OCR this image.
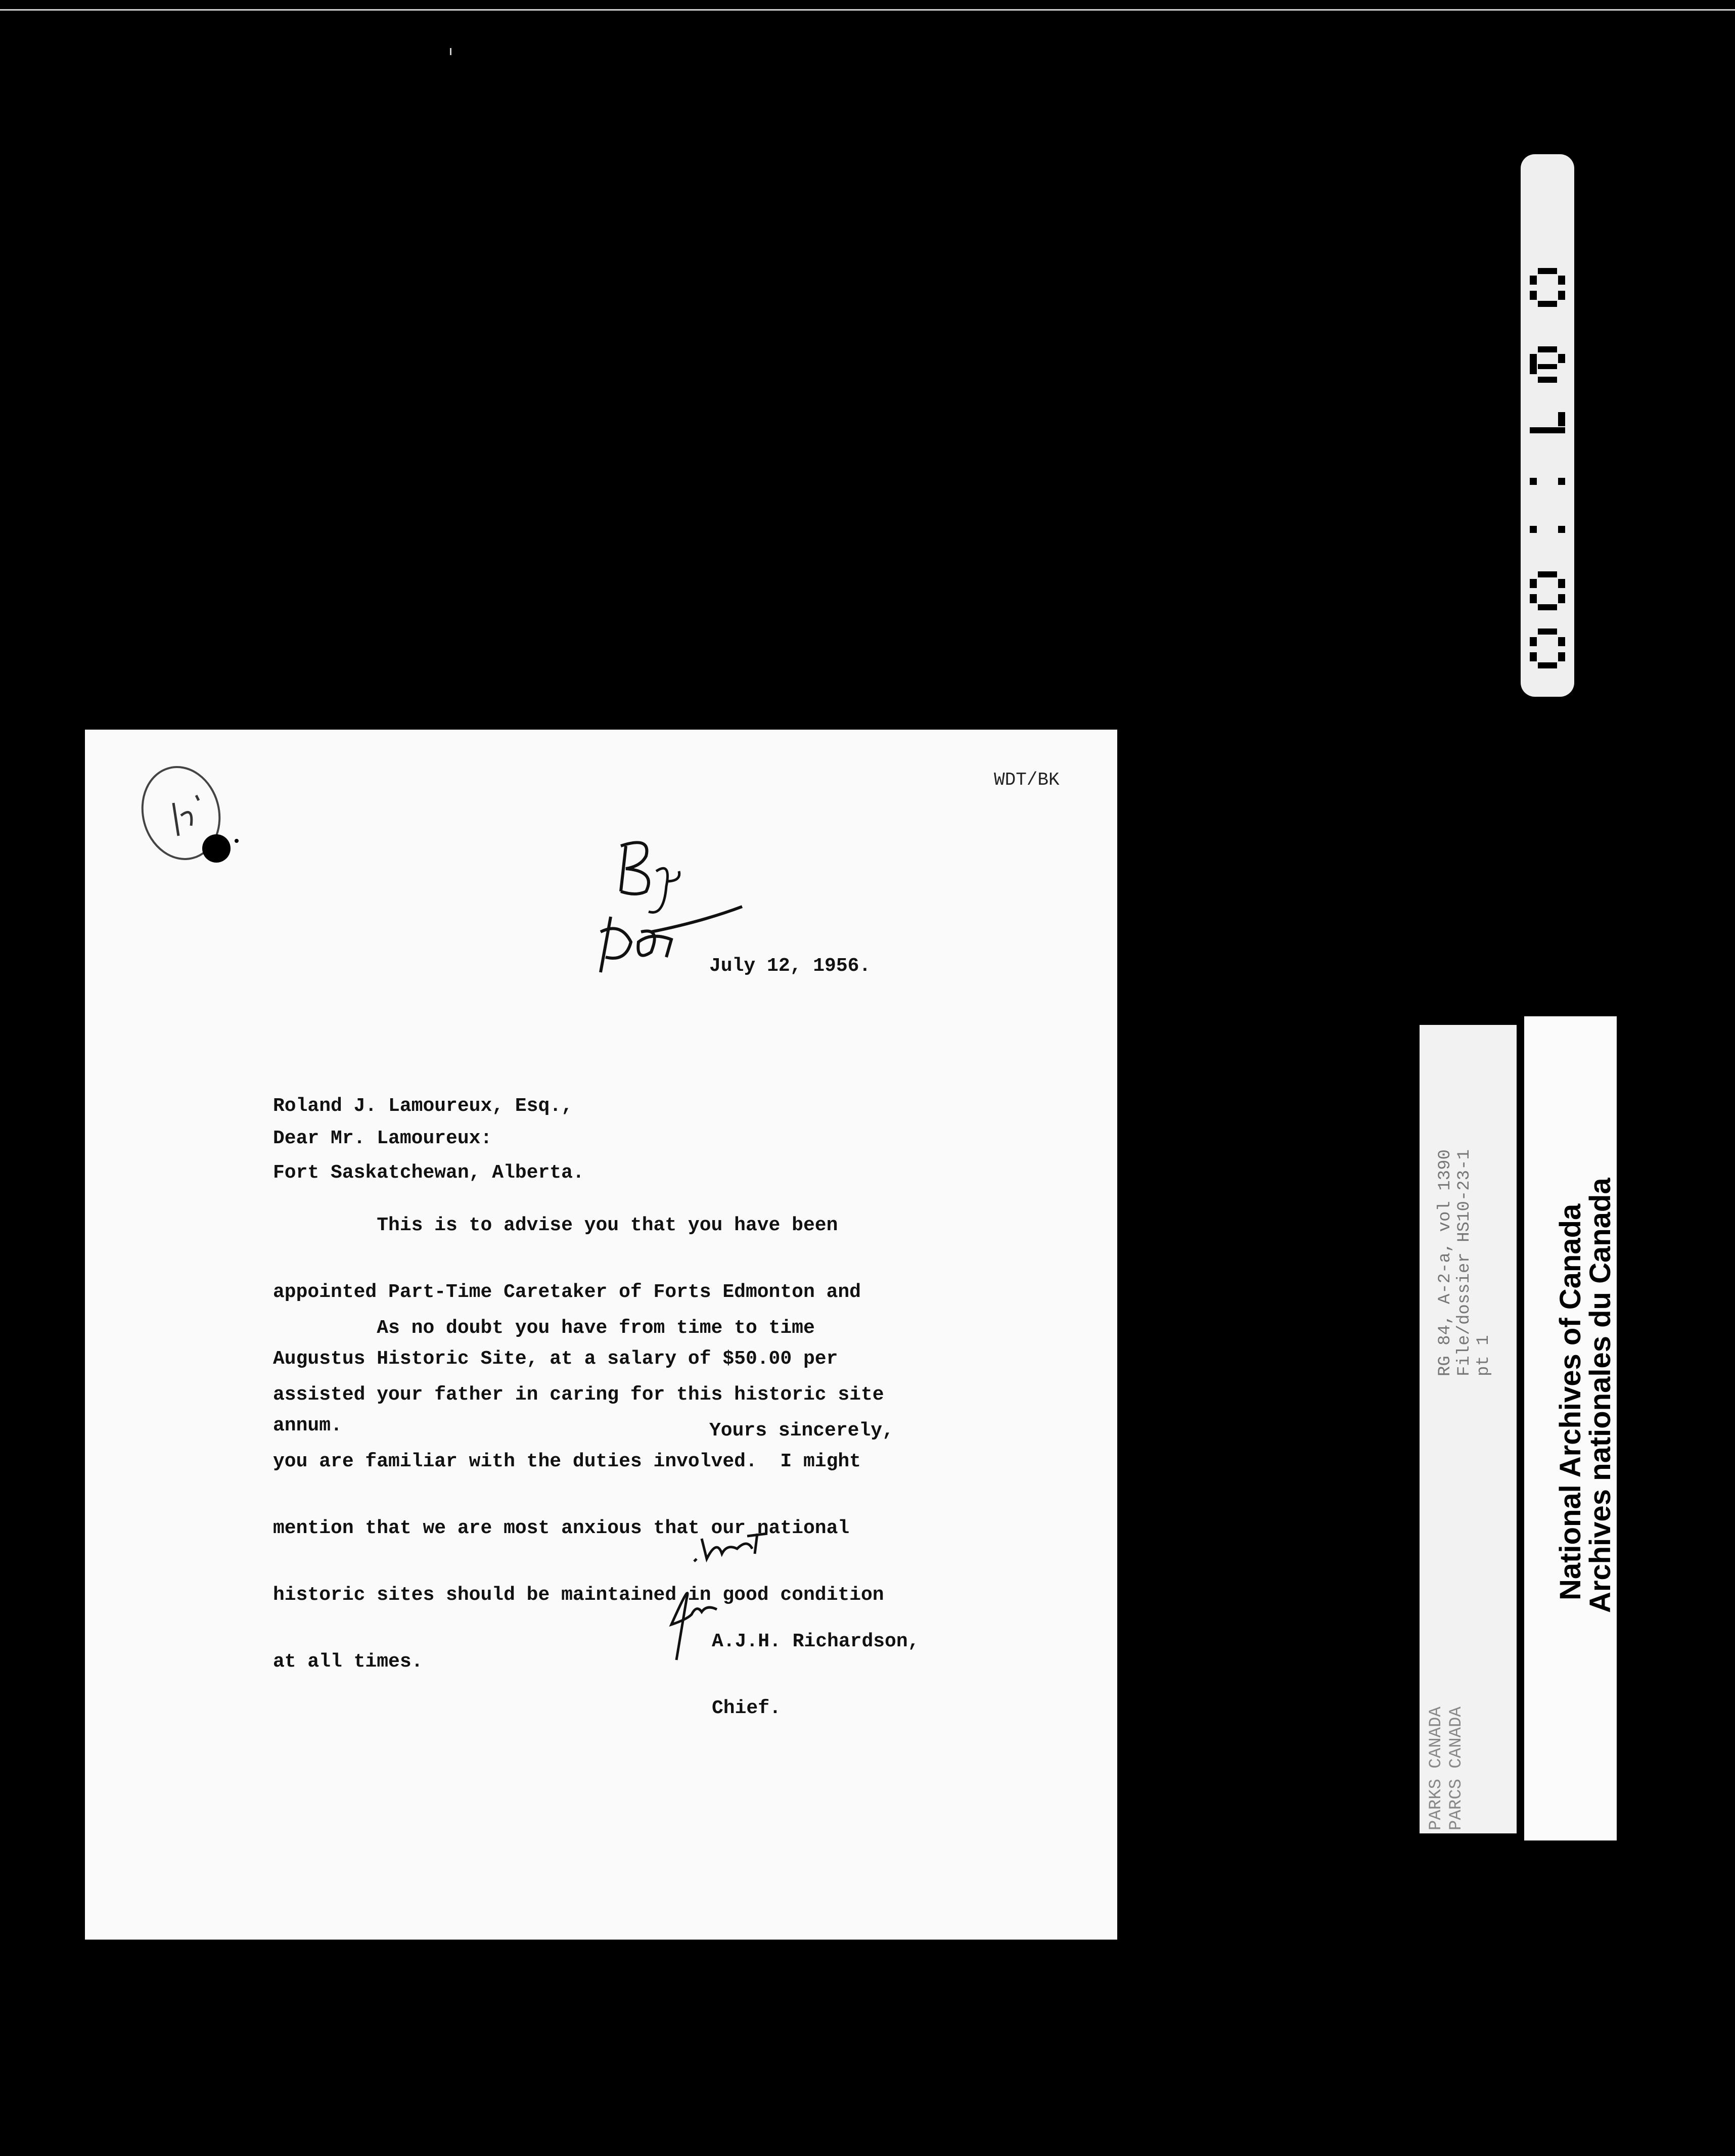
WDT/BK
July 12, 1956.

Roland J. Lamoureux, Esq.,

Fort Saskatchewan, Alberta.

Dear Mr. Lamoureux:

This is to advise you that you have been

appointed Part-Time Caretaker of Forts Edmonton and

Augustus Historic Site, at a salary of $50.00 per

annum.

As no doubt you have from time to time

assisted your father in caring for this historic site

you are familiar with the duties involved.  I might

mention that we are most anxious that our national

historic sites should be maintained in good condition

at all times.

Yours sincerely,

A.J.H. Richardson,

Chief.

RG 84, A-2-a, vol 1390 File/dossier HS10-23-1 pt 1
PARKS CANADA PARCS CANADA
National Archives of Canada
Archives nationales du Canada
